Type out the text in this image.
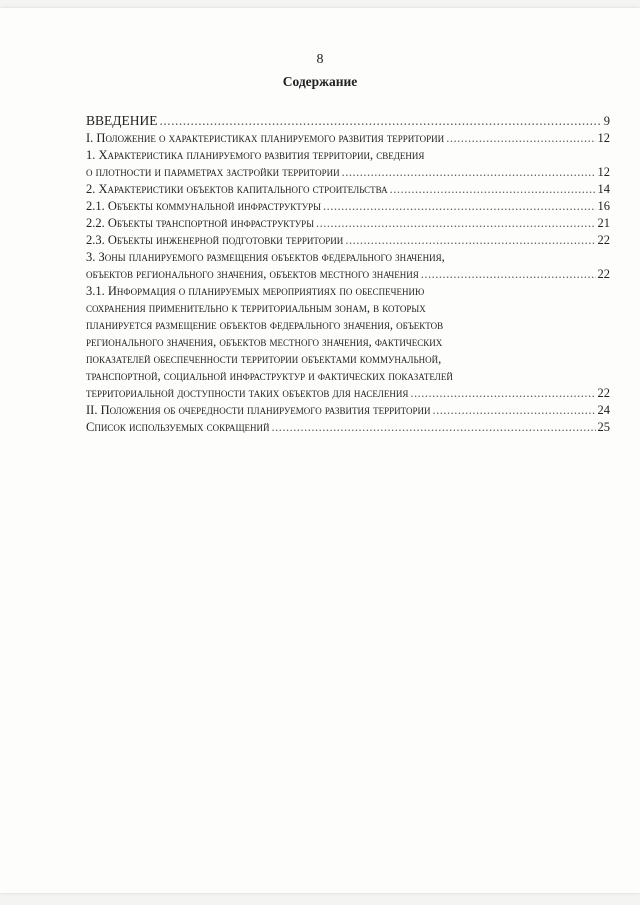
8
Содержание
ВВЕДЕНИЕ .....	9
I. Положение о характеристиках планируемого развития территории .....	12
1. Характеристика планируемого развития территории, сведения
о плотности и параметрах застройки территории .....	12
2. Характеристики объектов капитального строительства .....	14
2.1. Объекты коммунальной инфраструктуры .....	16
2.2. Объекты транспортной инфраструктуры .....	21
2.3. Объекты инженерной подготовки территории .....	22
3. Зоны планируемого размещения объектов федерального значения,
объектов регионального значения, объектов местного значения .....	22
3.1. Информация о планируемых мероприятиях по обеспечению
сохранения применительно к территориальным зонам, в которых
планируется размещение объектов федерального значения, объектов
регионального значения, объектов местного значения, фактических
показателей обеспеченности территории объектами коммунальной,
транспортной, социальной инфраструктур и фактических показателей
территориальной доступности таких объектов для населения .....	22
II. Положения об очередности планируемого развития территории .....	24
Список используемых сокращений .....	25
